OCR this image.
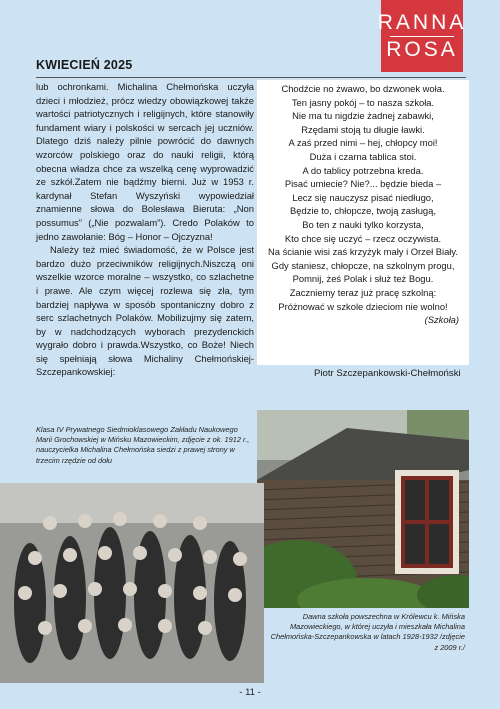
RANNA
ROSA
KWIECIEŃ 2025

lub ochronkami. Michalina Chełmońska uczyła dzieci i młodzież, prócz wiedzy obowiązkowej także wartości patriotycznych i religijnych, które stanowiły fundament wiary i polskości w sercach jej uczniów. Dlatego dziś należy pilnie powrócić do dawnych wzorców polskiego oraz do nauki religii, którą obecna władza chce za wszelką cenę wyprowadzić ze szkół.Zatem nie bądźmy bierni. Już w 1953 r. kardynał Stefan Wyszyński wypowiedział znamienne słowa do Bolesława Bieruta: „Non possumus” („Nie pozwalam”). Credo Polaków to jedno zawołanie: Bóg – Honor – Ojczyzna!

Należy też mieć świadomość, że w Polsce jest bardzo dużo przeciwników religijnych.Niszczą oni wszelkie wzorce moralne – wszystko, co szlachetne i prawe. Ale czym więcej rozlewa się zła, tym bardziej napływa w sposób spontaniczny dobro z serc szlachetnych Polaków. Mobilizujmy się zatem, by w nadchodzących wyborach prezydenckich wygrało dobro i prawda.Wszystko, co Boże! Niech się spełniają słowa Michaliny Chełmońskiej-Szczepankowskiej:

Chodźcie no żwawo, bo dzwonek woła.
Ten jasny pokój – to nasza szkoła.
Nie ma tu nigdzie żadnej zabawki,
Rzędami stoją tu długie ławki.
A zaś przed nimi – hej, chłopcy moi!
Duża i czarna tablica stoi.
A do tablicy potrzebna kreda.
Pisać umiecie? Nie?... będzie bieda –
Lecz się nauczysz pisać niedługo,
Będzie to, chłopcze, twoją zasługą,
Bo ten z nauki tylko korzysta,
Kto chce się uczyć – rzecz oczywista.
Na ścianie wisi zaś krzyżyk mały i Orzeł Biały.
Gdy staniesz, chłopcze, na szkolnym progu,
Pomnij, żeś Polak i służ też Bogu.
Zaczniemy teraz już pracę szkolną:
Próżnować w szkole dzieciom nie wolno!
(Szkoła)
Piotr Szczepankowski-Chełmoński
Klasa IV Prywatnego Siedmioklasowego Zakładu Naukowego Marii Grochowskiej w Mińsku Mazowieckim, zdjęcie z ok. 1912 r., nauczycielka Michalina Chełmońska siedzi z prawej strony w trzecim rzędzie od dołu
Dawna szkoła powszechna w Królewcu k. Mińska Mazowieckiego, w której uczyła i mieszkała Michalina Chełmońska-Szczepankowska w latach 1928-1932 /zdjęcie z 2009 r./
- 11 -
